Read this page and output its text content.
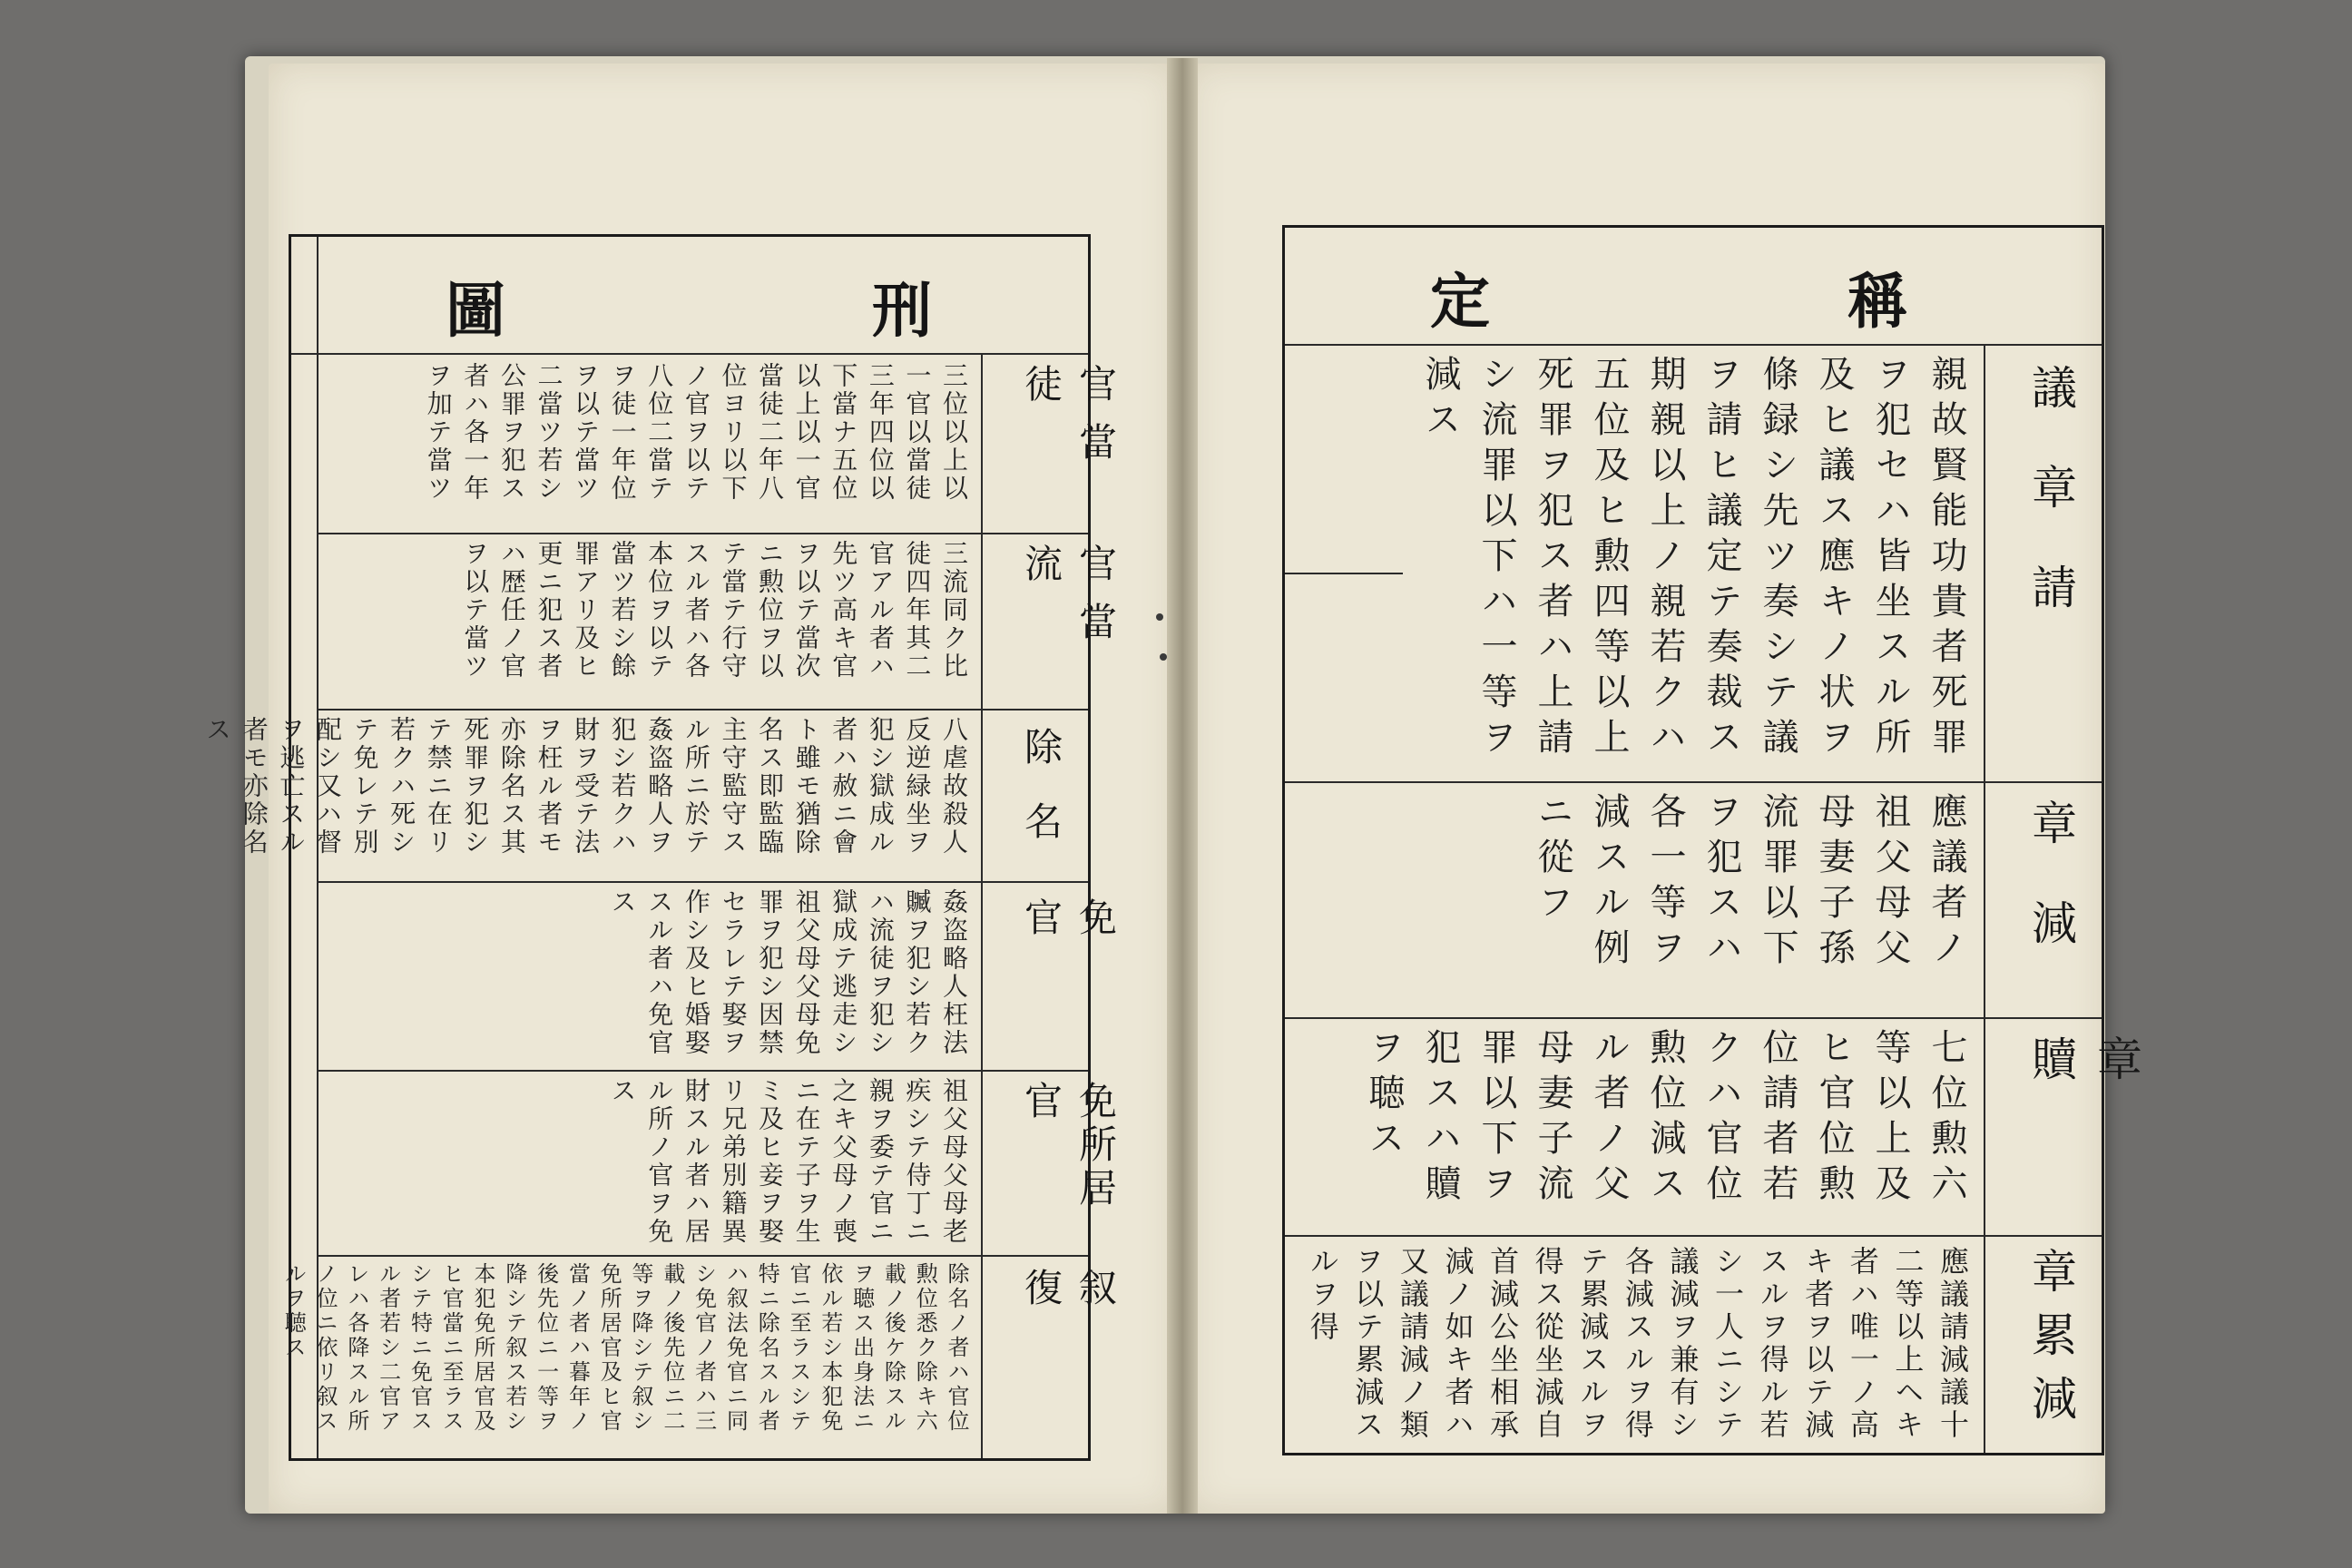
刑
圖
官當徒
官當流
除名
免官
免所居官
叙復
三位以上以一官以當徒三年四位以下當ナ五位以上以一官當徒二年八位ヨリ以下ノ官ヲ以テ八位二當テヲ徒一年位ヲ以テ當ツ二當ツ若シ公罪ヲ犯ス者ハ各一年ヲ加テ當ツ
三流同ク比徒四年其二官アル者ハ先ツ高キ官ヲ以テ當次ニ勲位ヲ以テ當テ行守スル者ハ各本位ヲ以テ當ツ若シ餘罪アリ及ヒ更ニ犯ス者ハ歴任ノ官ヲ以テ當ツ
八虐故殺人反逆緑坐ヲ犯シ獄成ル者ハ赦ニ會ト雖モ猶除名ス即監臨主守監守スル所ニ於テ姦盗略人ヲ犯シ若クハ財ヲ受テ法ヲ枉ル者モ亦除名ス其死罪ヲ犯シテ禁ニ在リ若クハ死シテ免レテ別配シ又ハ督ヲ逃亡スル者モ亦除名ス
姦盗略人枉法贓ヲ犯シ若クハ流徒ヲ犯シ獄成テ逃走シ祖父母父母免罪ヲ犯シ因禁セラレテ娶ヲ作シ及ヒ婚娶スル者ハ免官ス
祖父母父母老疾シテ侍丁ニ親ヲ委テ官ニ之キ父母ノ喪ニ在テ子ヲ生ミ及ヒ妾ヲ娶リ兄弟別籍異財スル者ハ居ル所ノ官ヲ免ス
除名ノ者ハ官位勲位悉ク除キ六載ノ後ケ除スルヲ聴ス出身法ニ依ル若シ本犯免官ニ至ラスシテ特ニ除名スル者ハ叙法免官ニ同シ免官ノ者ハ三載ノ後先位ニ二等ヲ降シテ叙シ免所居官及ヒ官當ノ者ハ暮年ノ後先位ニ一等ヲ降シテ叙ス若シ本犯免所居官及ヒ官當ニ至ラスシテ特ニ免官スル者若シ二官アレハ各降スル所ノ位ニ依リ叙スルヲ聴ス
稱
定
議章請
章減
章贖
章累減
親故賢能功貴者死罪ヲ犯セハ皆坐スル所及ヒ議ス應キノ状ヲ條録シ先ツ奏シテ議ヲ請ヒ議定テ奏裁ス期親以上ノ親若クハ五位及ヒ勲四等以上死罪ヲ犯ス者ハ上請シ流罪以下ハ一等ヲ減ス
應議者ノ祖父母父母妻子孫流罪以下ヲ犯スハ各一等ヲ減スル例ニ從フ
七位勲六等以上及ヒ官位勲位請者若クハ官位勲位減スル者ノ父母妻子流罪以下ヲ犯スハ贖ヲ聴ス
應議請減議十二等以上ヘキ者ハ唯一ノ高キ者ヲ以テ減スルヲ得ル若シ一人ニシテ議減ヲ兼有シ各減スルヲ得テ累減スルヲ得ス從坐減自首減公坐相承減ノ如キ者ハ又議請減ノ類ヲ以テ累減スルヲ得
